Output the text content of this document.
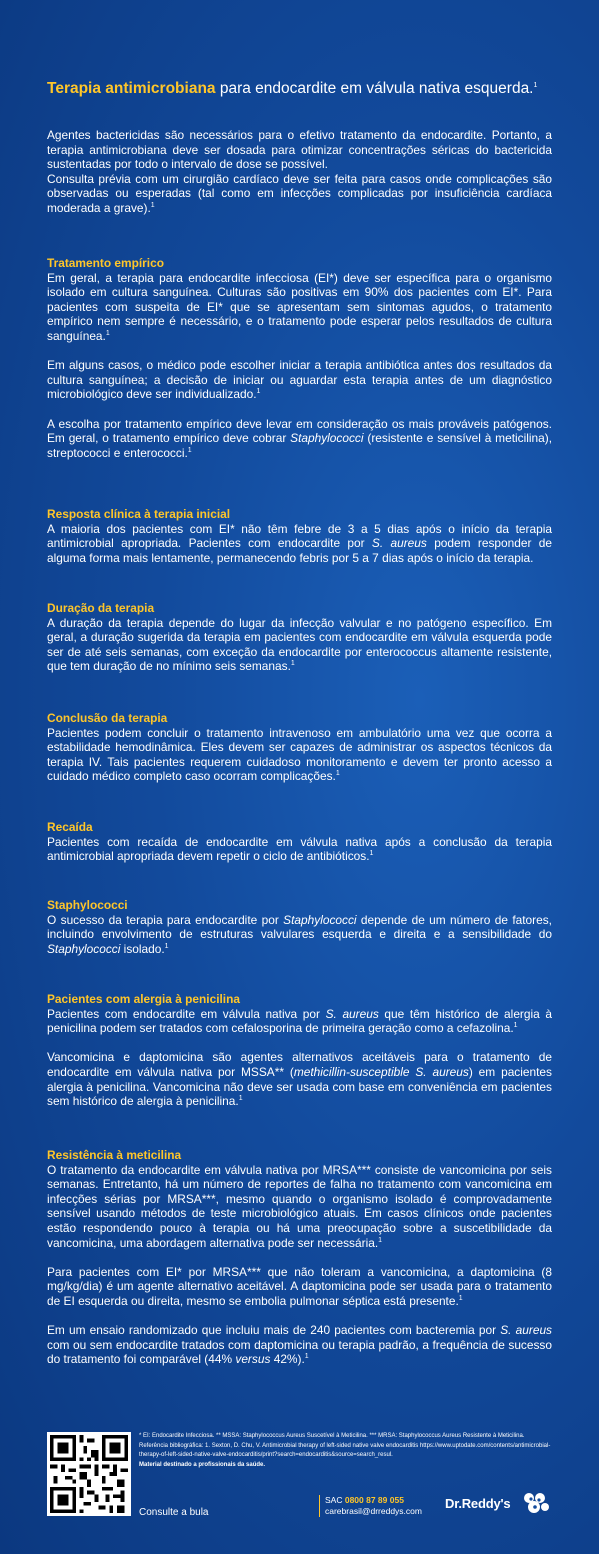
Terapia antimicrobiana para endocardite em válvula nativa esquerda.$^1$

Agentes bactericidas são necessários para o efetivo tratamento da endocardite. Portanto, a terapia antimicrobiana deve ser dosada para otimizar concentrações séricas do bactericida sustentadas por todo o intervalo de dose se possível.

Consulta prévia com um cirurgião cardíaco deve ser feita para casos onde complicações são observadas ou esperadas (tal como em infecções complicadas por insuficiência cardíaca moderada a grave).$^1$

Tratamento empírico

Em geral, a terapia para endocardite infecciosa (EI*) deve ser específica para o organismo isolado em cultura sanguínea. Culturas são positivas em 90% dos pacientes com EI*. Para pacientes com suspeita de EI* que se apresentam sem sintomas agudos, o tratamento empírico nem sempre é necessário, e o tratamento pode esperar pelos resultados de cultura sanguínea.$^1$

Em alguns casos, o médico pode escolher iniciar a terapia antibiótica antes dos resultados da cultura sanguínea; a decisão de iniciar ou aguardar esta terapia antes de um diagnóstico microbiológico deve ser individualizado.$^1$

A escolha por tratamento empírico deve levar em consideração os mais prováveis patógenos. Em geral, o tratamento empírico deve cobrar Staphylococci (resistente e sensível à meticilina), streptococci e enterococci.$^1$

Resposta clínica à terapia inicial

A maioria dos pacientes com EI* não têm febre de 3 a 5 dias após o início da terapia antimicrobial apropriada. Pacientes com endocardite por S. aureus podem responder de alguma forma mais lentamente, permanecendo febris por 5 a 7 dias após o início da terapia.

Duração da terapia

A duração da terapia depende do lugar da infecção valvular e no patógeno específico. Em geral, a duração sugerida da terapia em pacientes com endocardite em válvula esquerda pode ser de até seis semanas, com exceção da endocardite por enterococcus altamente resistente, que tem duração de no mínimo seis semanas.$^1$

Conclusão da terapia

Pacientes podem concluir o tratamento intravenoso em ambulatório uma vez que ocorra a estabilidade hemodinâmica. Eles devem ser capazes de administrar os aspectos técnicos da terapia IV. Tais pacientes requerem cuidadoso monitoramento e devem ter pronto acesso a cuidado médico completo caso ocorram complicações.$^1$

Recaída

Pacientes com recaída de endocardite em válvula nativa após a conclusão da terapia antimicrobial apropriada devem repetir o ciclo de antibióticos.$^1$

Staphylococci

O sucesso da terapia para endocardite por Staphylococci depende de um número de fatores, incluindo envolvimento de estruturas valvulares esquerda e direita e a sensibilidade do Staphylococci isolado.$^1$

Pacientes com alergia à penicilina

Pacientes com endocardite em válvula nativa por S. aureus que têm histórico de alergia à penicilina podem ser tratados com cefalosporina de primeira geração como a cefazolina.$^1$

Vancomicina e daptomicina são agentes alternativos aceitáveis para o tratamento de endocardite em válvula nativa por MSSA** (methicillin-susceptible S. aureus) em pacientes alergia à penicilina. Vancomicina não deve ser usada com base em conveniência em pacientes sem histórico de alergia à penicilina.$^1$

Resistência à meticilina

O tratamento da endocardite em válvula nativa por MRSA*** consiste de vancomicina por seis semanas. Entretanto, há um número de reportes de falha no tratamento com vancomicina em infecções sérias por MRSA***, mesmo quando o organismo isolado é comprovadamente sensível usando métodos de teste microbiológico atuais. Em casos clínicos onde pacientes estão respondendo pouco à terapia ou há uma preocupação sobre a suscetibilidade da vancomicina, uma abordagem alternativa pode ser necessária.$^1$

Para pacientes com EI* por MRSA*** que não toleram a vancomicina, a daptomicina (8 mg/kg/dia) é um agente alternativo aceitável. A daptomicina pode ser usada para o tratamento de EI esquerda ou direita, mesmo se embolia pulmonar séptica está presente.$^1$

Em um ensaio randomizado que incluiu mais de 240 pacientes com bacteremia por S. aureus com ou sem endocardite tratados com daptomicina ou terapia padrão, a frequência de sucesso do tratamento foi comparável (44% versus 42%).$^1$

* EI: Endocardite Infecciosa. ** MSSA: Staphylococcus Aureus Suscetível à Meticilina. *** MRSA: Staphylococcus Aureus Resistente à Meticilina.

Referência bibliográfica: 1. Sexton, D. Chu, V. Antimicrobial therapy of left-sided native valve endocarditis https://www.uptodate.com/contents/antimicrobial- therapy-of-left-sided-native-valve-endocarditis/print?search=endocarditis&source=search_resul.

Material destinado a profissionais da saúde.

Consulte a bula
SAC 0800 87 89 055
carebrasil@drreddys.com Dr.Reddy's
